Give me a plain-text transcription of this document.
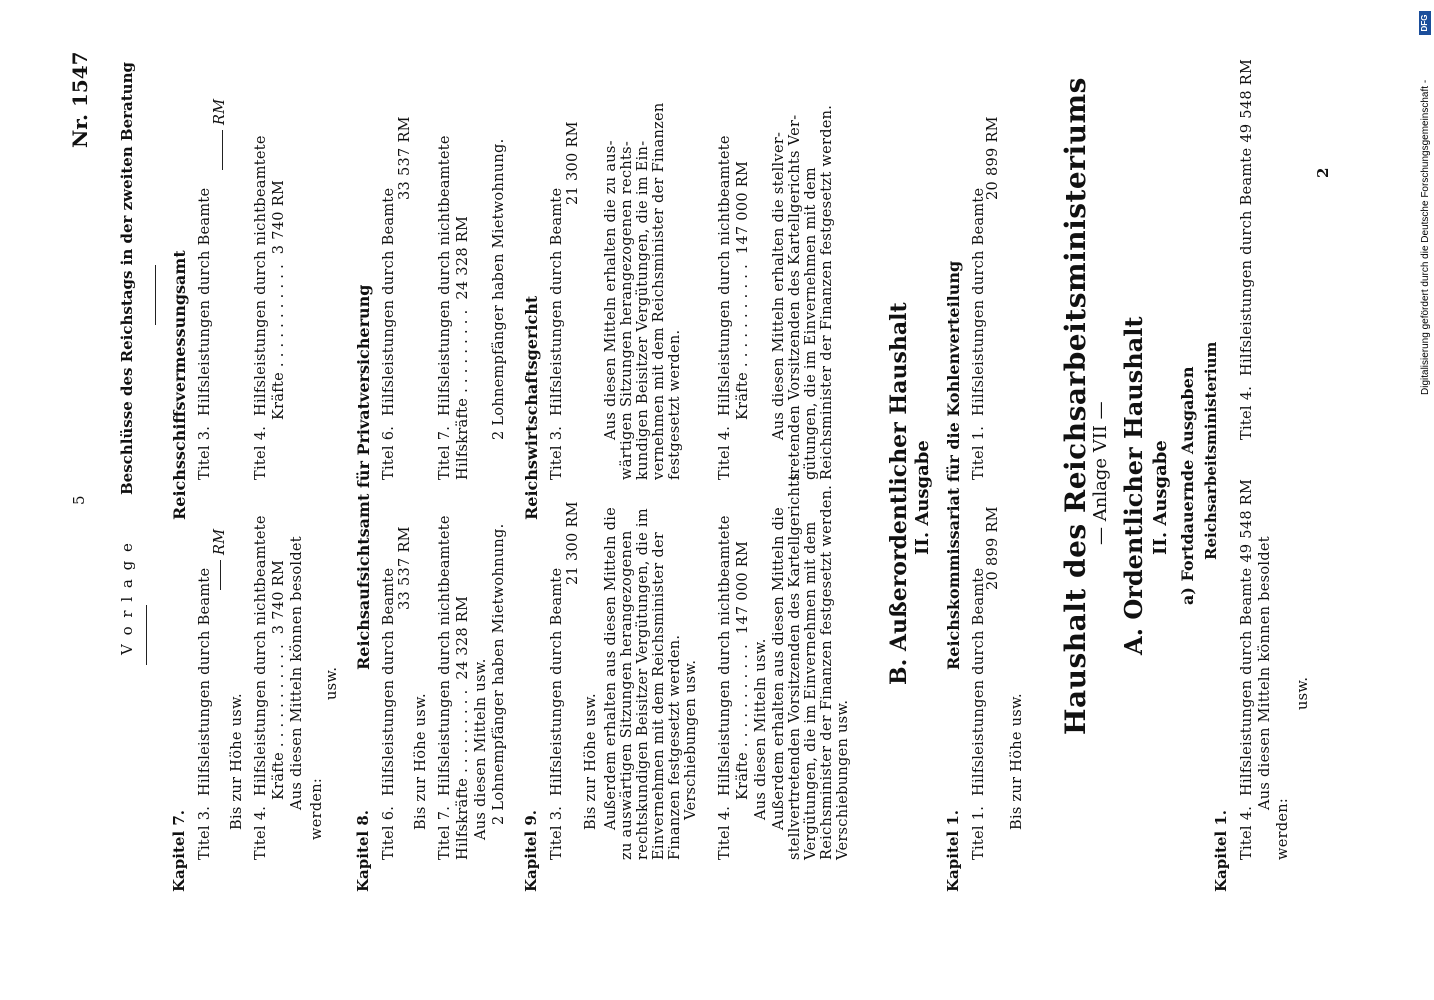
V o r l a g e
5
Beschlüsse des Reichstags in der zweiten Beratung
Nr. 1547
Kapitel 7. Titel 3.  Hilfsleistungen durch Beamte
RM
Bis zur Höhe usw. Titel 4.  Hilfsleistungen durch nichtbeamtete Kräfte . . . . . . . . . . .  3 740 RM Aus diesen Mitteln können besoldet werden:
usw.
Reichsschiffsvermessungsamt Titel 3.  Hilfsleistungen durch Beamte
RM
Titel 4.  Hilfsleistungen durch nichtbeamtete Kräfte . . . . . . . . . . .  3 740 RM
Kapitel 8.
Reichsaufsichtsamt für Privatversicherung
Titel 6.  Hilfsleistungen durch Beamte 33 537 RM
Bis zur Höhe usw. Titel 7.  Hilfsleistungen durch nichtbeamtete Hilfskräfte . . . . . . . . .  24 328 RM Aus diesen Mitteln usw. 2 Lohnempfänger haben Mietwohnung.
Titel 6.  Hilfsleistungen durch Beamte
33 537 RM Titel 7.  Hilfsleistungen durch nichtbeamtete Hilfskräfte . . . . . . . . .  24 328 RM 2 Lohnempfänger haben Mietwohnung.
Kapitel 9.
Reichswirtschaftsgericht
Titel 3.  Hilfsleistungen durch Beamte
21 300 RM
Bis zur Höhe usw. Außerdem erhalten aus diesen Mitteln die zu auswärtigen Sitzungen herangezogenen rechtskundigen Beisitzer Vergütungen, die im Einvernehmen mit dem Reichsminister der Finanzen festgesetzt werden. Verschiebungen usw. Titel 4.  Hilfsleistungen durch nichtbeamtete Kräfte . . . . . . . . . . .  147 000 RM Aus diesen Mitteln usw. Außerdem erhalten aus diesen Mitteln die stellvertretenden Vorsitzenden des Kartellgerichts Vergütungen, die im Einvernehmen mit dem Reichsminister der Finanzen festgesetzt werden. Verschiebungen usw.
Titel 3.  Hilfsleistungen durch Beamte
21 300 RM Aus diesen Mitteln erhalten die zu aus- wärtigen Sitzungen herangezogenen rechts- kundigen Beisitzer Vergütungen, die im Ein- vernehmen mit dem Reichsminister der Finanzen festgesetzt werden. Titel 4.  Hilfsleistungen durch nichtbeamtete Kräfte . . . . . . . . . . .  147 000 RM Aus diesen Mitteln erhalten die stellver- tretenden Vorsitzenden des Kartellgerichts Ver- gütungen, die im Einvernehmen mit dem Reichsminister der Finanzen festgesetzt werden.
B. Außerordentlicher Haushalt II. Ausgabe
Kapitel 1.
Reichskommissariat für die Kohlenverteilung
Titel 1.  Hilfsleistungen durch Beamte
20 899 RM
Bis zur Höhe usw.
Titel 1.  Hilfsleistungen durch Beamte
20 899 RM Haushalt des Reichsarbeitsministeriums
— Anlage VII — A. Ordentlicher Haushalt II. Ausgabe a) Fortdauernde Ausgaben Reichsarbeitsministerium
Kapitel 1. Titel 4.  Hilfsleistungen durch Beamte 49 548 RM Aus diesen Mitteln können besoldet
werden:
usw.
Titel 4.  Hilfsleistungen durch Beamte 49 548 RM	2	Digitalisierung gefördert durch die Deutsche Forschungsgemeinschaft -
DFG
